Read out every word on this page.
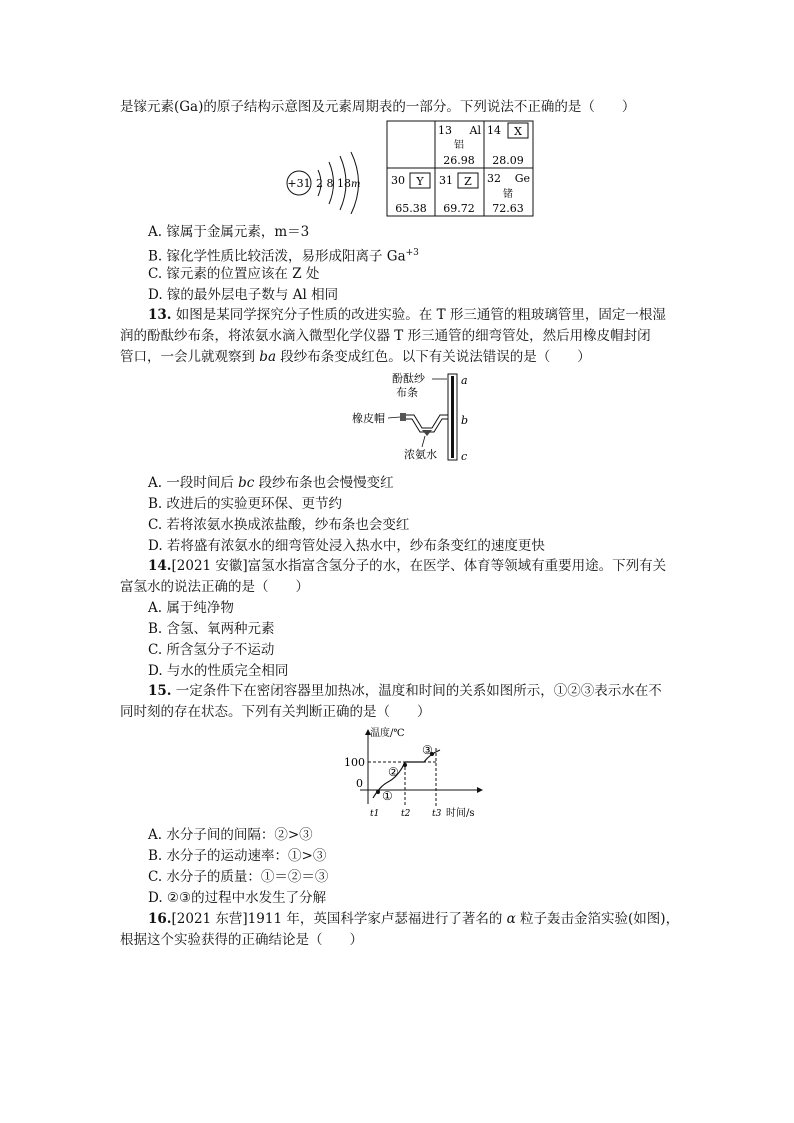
是镓元素(Ga)的原子结构示意图及元素周期表的一部分。下列说法不正确的是（　　）
+31 2 8 18 m
13 Al
铝
26.98
14 X
28.09
30 Y
65.38
31 Z
69.72
32 Ge
锗
72.63
A. 镓属于金属元素，m＝3
B. 镓化学性质比较活泼，易形成阳离子 $Ga^{+3}$
C. 镓元素的位置应该在 Z 处
D. 镓的最外层电子数与 Al 相同
13. 如图是某同学探究分子性质的改进实验。在 T 形三通管的粗玻璃管里，固定一根湿
润的酚酞纱布条，将浓氨水滴入微型化学仪器 T 形三通管的细弯管处，然后用橡皮帽封闭
管口，一会儿就观察到 ba 段纱布条变成红色。以下有关说法错误的是（　　）
酚酞纱
布条
a
b
c
橡皮帽
浓氨水
A. 一段时间后 bc 段纱布条也会慢慢变红
B. 改进后的实验更环保、更节约
C. 若将浓氨水换成浓盐酸，纱布条也会变红
D. 若将盛有浓氨水的细弯管处浸入热水中，纱布条变红的速度更快
14.[2021 安徽]富氢水指富含氢分子的水，在医学、体育等领域有重要用途。下列有关
富氢水的说法正确的是（　　）
A. 属于纯净物
B. 含氢、氧两种元素
C. 所含氢分子不运动
D. 与水的性质完全相同
15. 一定条件下在密闭容器里加热冰，温度和时间的关系如图所示，①②③表示水在不
同时刻的存在状态。下列有关判断正确的是（　　）
温度/℃
100
0
①
②
③
t1 t2 t3 时间/s
A. 水分子间的间隔：②>③
B. 水分子的运动速率：①>③
C. 水分子的质量：①＝②＝③
D. ②③的过程中水发生了分解
16.[2021 东营]1911 年，英国科学家卢瑟福进行了著名的 α 粒子轰击金箔实验(如图)，
根据这个实验获得的正确结论是（　　）
